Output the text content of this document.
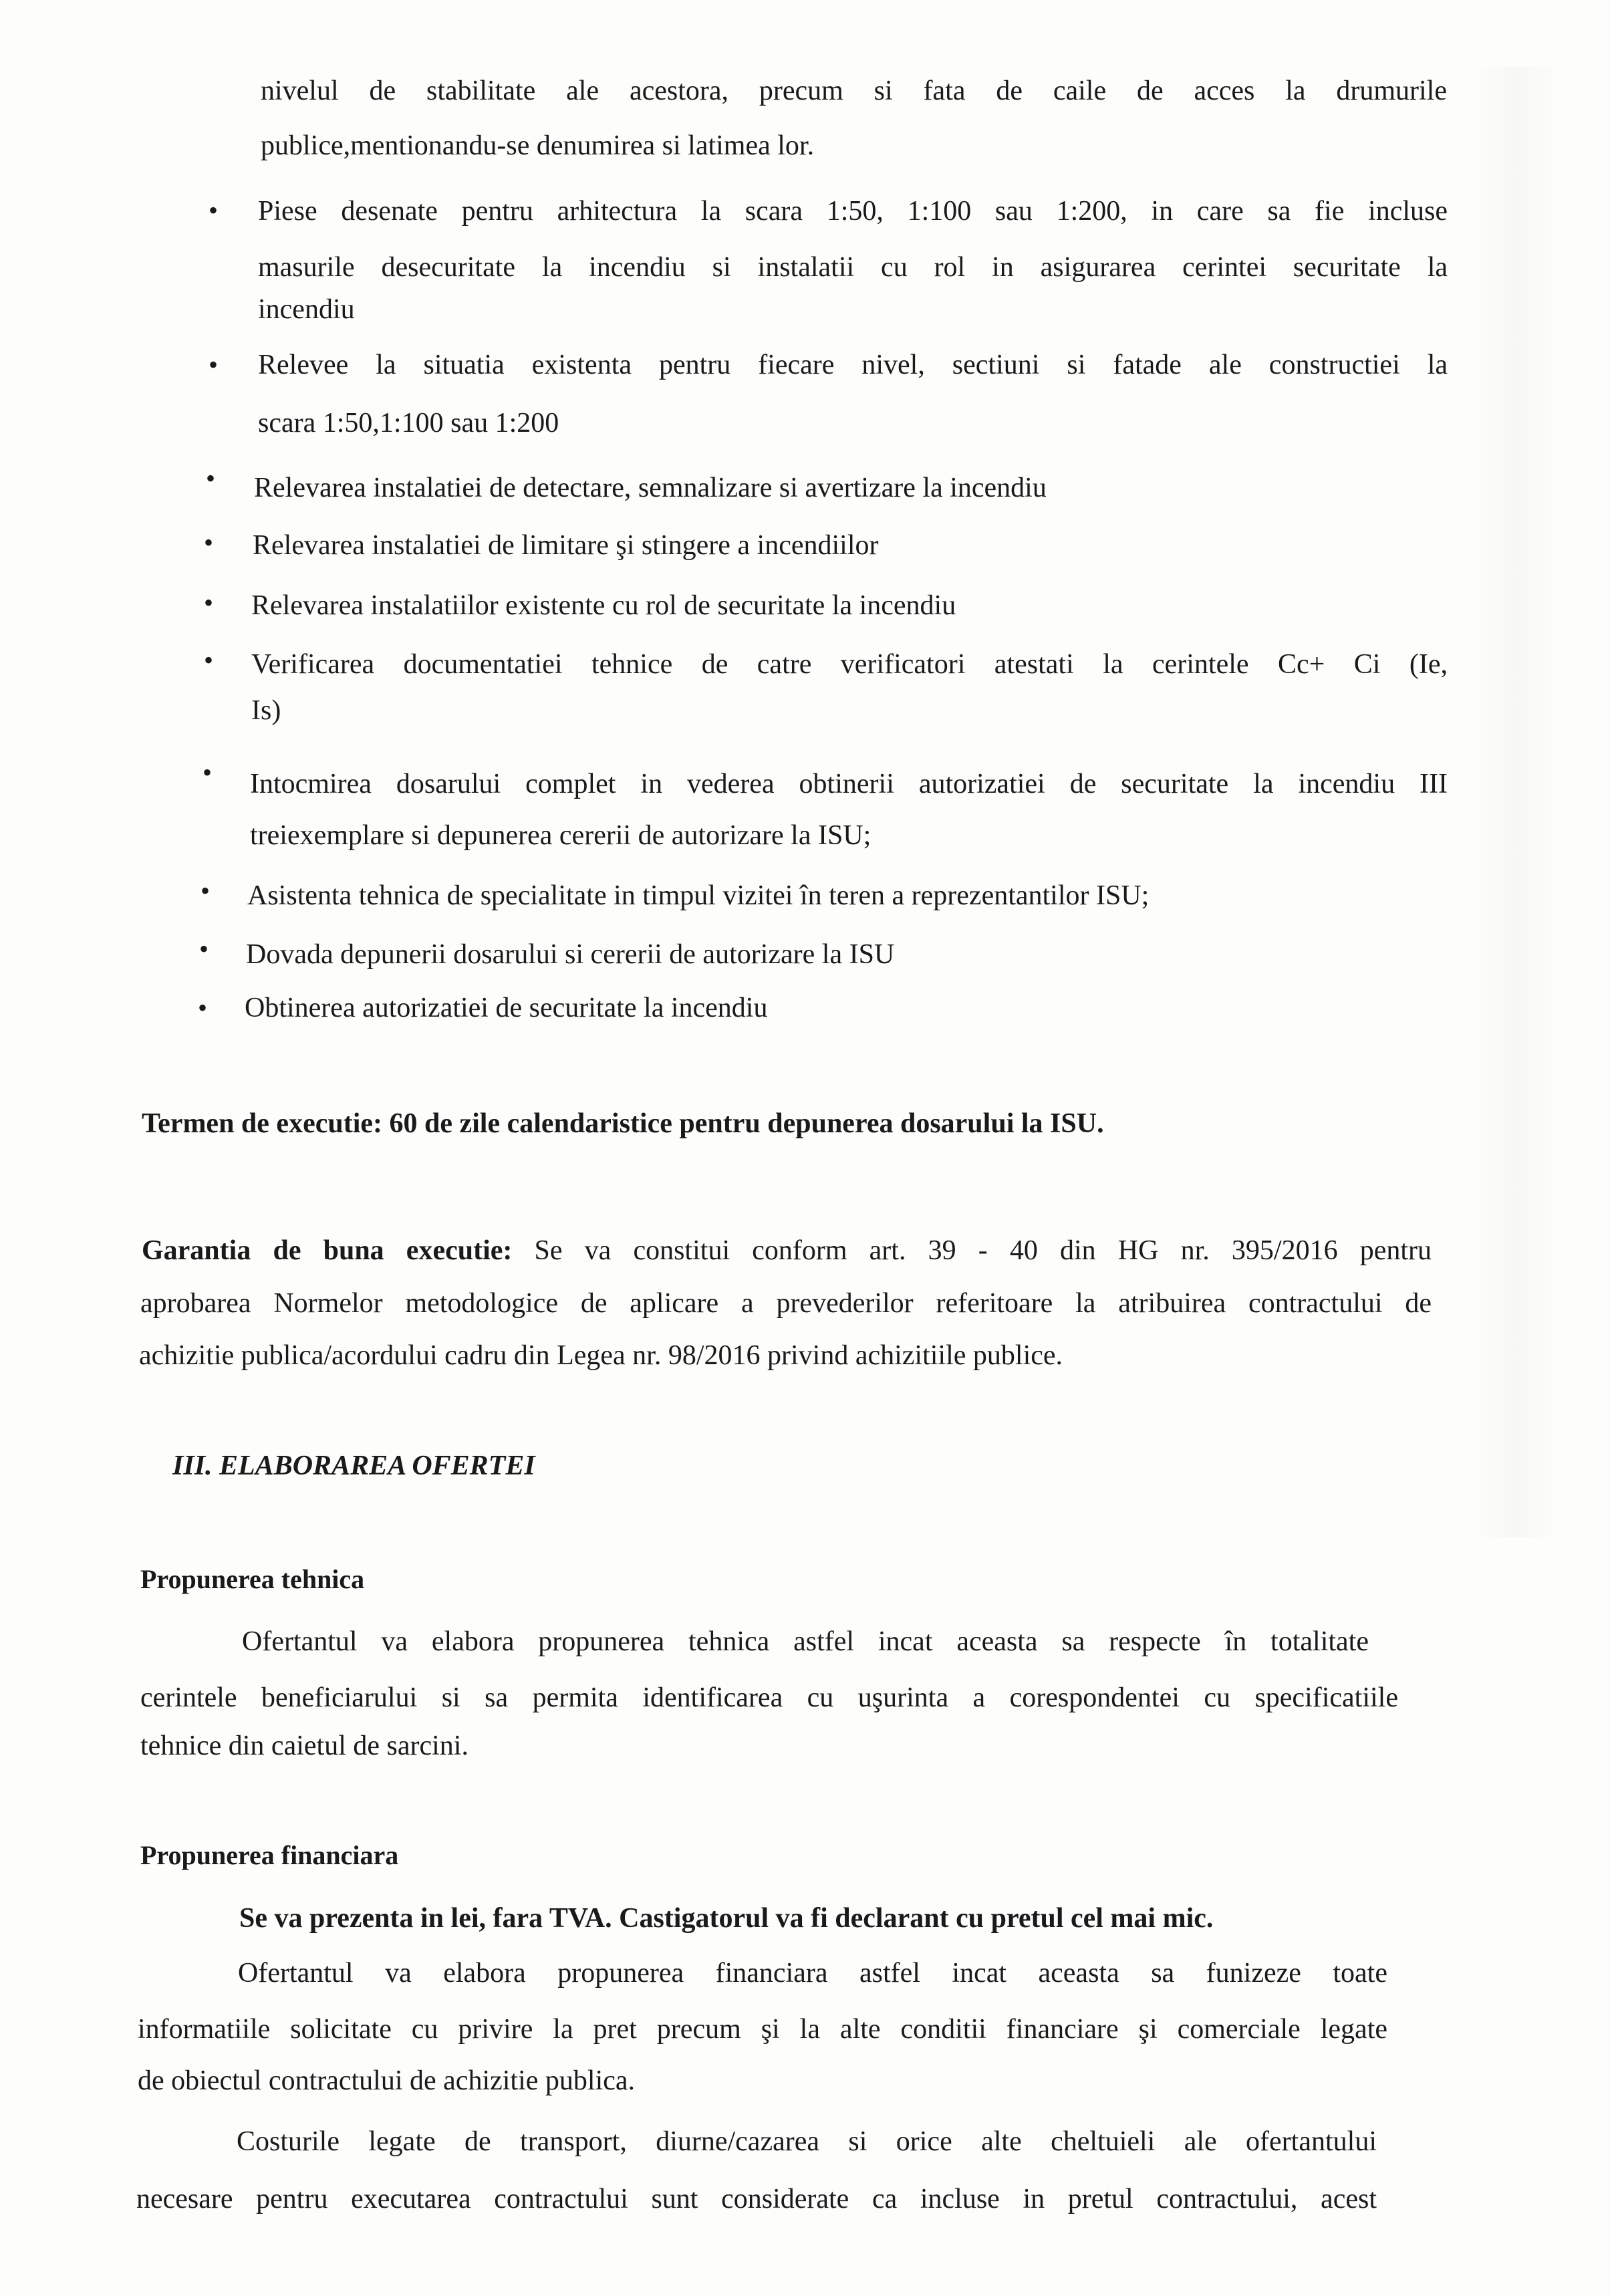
nivelul de stabilitate ale acestora, precum si fata de caile de acces la drumurile

publice,mentionandu-se denumirea si latimea lor.

• Piese desenate pentru arhitectura la scara 1:50, 1:100 sau 1:200, in care sa fie incluse

masurile desecuritate la incendiu si instalatii cu rol in asigurarea cerintei securitate la

incendiu

• Relevee la situatia existenta pentru fiecare nivel, sectiuni si fatade ale constructiei la

scara 1:50,1:100 sau 1:200

• Relevarea instalatiei de detectare, semnalizare si avertizare la incendiu

• Relevarea instalatiei de limitare şi stingere a incendiilor

• Relevarea instalatiilor existente cu rol de securitate la incendiu

• Verificarea documentatiei tehnice de catre verificatori atestati la cerintele Cc+ Ci (Ie,

Is)

• Intocmirea dosarului complet in vederea obtinerii autorizatiei de securitate la incendiu III

treiexemplare si depunerea cererii de autorizare la ISU;

• Asistenta tehnica de specialitate in timpul vizitei în teren a reprezentantilor ISU;

• Dovada depunerii dosarului si cererii de autorizare la ISU

• Obtinerea autorizatiei de securitate la incendiu

Termen de executie: 60 de zile calendaristice pentru depunerea dosarului la ISU.

Garantia de buna executie: Se va constitui conform art. 39 - 40 din HG nr. 395/2016 pentru

aprobarea Normelor metodologice de aplicare a prevederilor referitoare la atribuirea contractului de

achizitie publica/acordului cadru din Legea nr. 98/2016 privind achizitiile publice.

III. ELABORAREA OFERTEI

Propunerea tehnica

Ofertantul va elabora propunerea tehnica astfel incat aceasta sa respecte în totalitate

cerintele beneficiarului si sa permita identificarea cu uşurinta a corespondentei cu specificatiile

tehnice din caietul de sarcini.

Propunerea financiara

Se va prezenta in lei, fara TVA. Castigatorul va fi declarant cu pretul cel mai mic.

Ofertantul va elabora propunerea financiara astfel incat aceasta sa funizeze toate

informatiile solicitate cu privire la pret precum şi la alte conditii financiare şi comerciale legate

de obiectul contractului de achizitie publica.

Costurile legate de transport, diurne/cazarea si orice alte cheltuieli ale ofertantului

necesare pentru executarea contractului sunt considerate ca incluse in pretul contractului, acest
